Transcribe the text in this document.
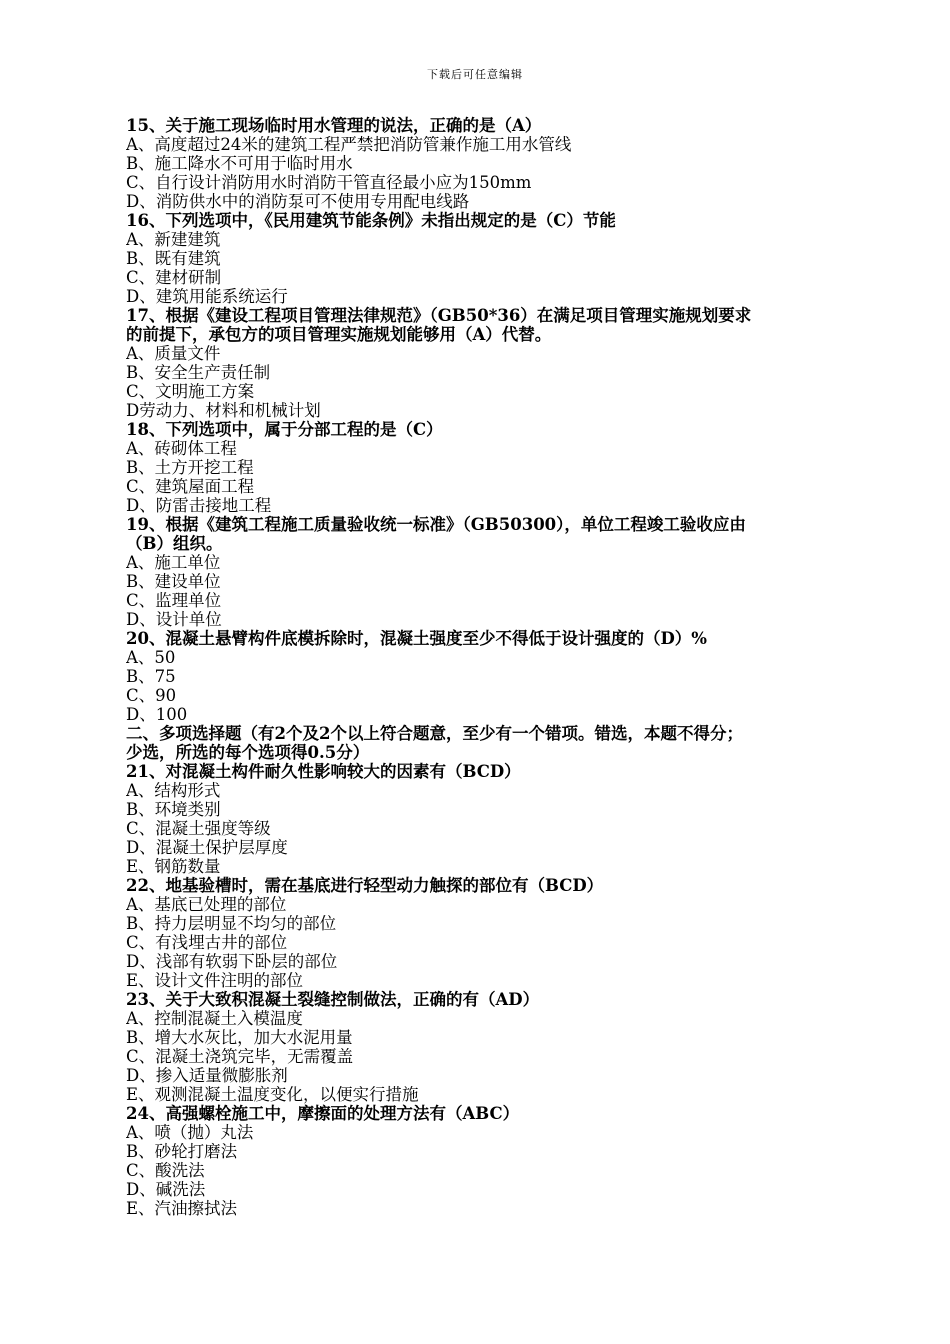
下载后可任意编辑
15、关于施工现场临时用水管理的说法，正确的是（A）
A、高度超过24米的建筑工程严禁把消防管兼作施工用水管线
B、施工降水不可用于临时用水
C、自行设计消防用水时消防干管直径最小应为150mm
D、消防供水中的消防泵可不使用专用配电线路
16、下列选项中，《民用建筑节能条例》未指出规定的是（C）节能
A、新建建筑
B、既有建筑
C、建材研制
D、建筑用能系统运行
17、根据《建设工程项目管理法律规范》（GB50*36）在满足项目管理实施规划要求
的前提下，承包方的项目管理实施规划能够用（A）代替。
A、质量文件
B、安全生产责任制
C、文明施工方案
D劳动力、材料和机械计划
18、下列选项中，属于分部工程的是（C）
A、砖砌体工程
B、土方开挖工程
C、建筑屋面工程
D、防雷击接地工程
19、根据《建筑工程施工质量验收统一标准》（GB50300），单位工程竣工验收应由
（B）组织。
A、施工单位
B、建设单位
C、监理单位
D、设计单位
20、混凝土悬臂构件底模拆除时，混凝土强度至少不得低于设计强度的（D）%
A、50
B、75
C、90
D、100
二、多项选择题（有2个及2个以上符合题意，至少有一个错项。错选，本题不得分；
少选，所选的每个选项得0.5分）
21、对混凝土构件耐久性影响较大的因素有（BCD）
A、结构形式
B、环境类别
C、混凝土强度等级
D、混凝土保护层厚度
E、钢筋数量
22、地基验槽时，需在基底进行轻型动力触探的部位有（BCD）
A、基底已处理的部位
B、持力层明显不均匀的部位
C、有浅埋古井的部位
D、浅部有软弱下卧层的部位
E、设计文件注明的部位
23、关于大致积混凝土裂缝控制做法，正确的有（AD）
A、控制混凝土入模温度
B、增大水灰比，加大水泥用量
C、混凝土浇筑完毕，无需覆盖
D、掺入适量微膨胀剂
E、观测混凝土温度变化，以便实行措施
24、高强螺栓施工中，摩擦面的处理方法有（ABC）
A、喷（抛）丸法
B、砂轮打磨法
C、酸洗法
D、碱洗法
E、汽油擦拭法
